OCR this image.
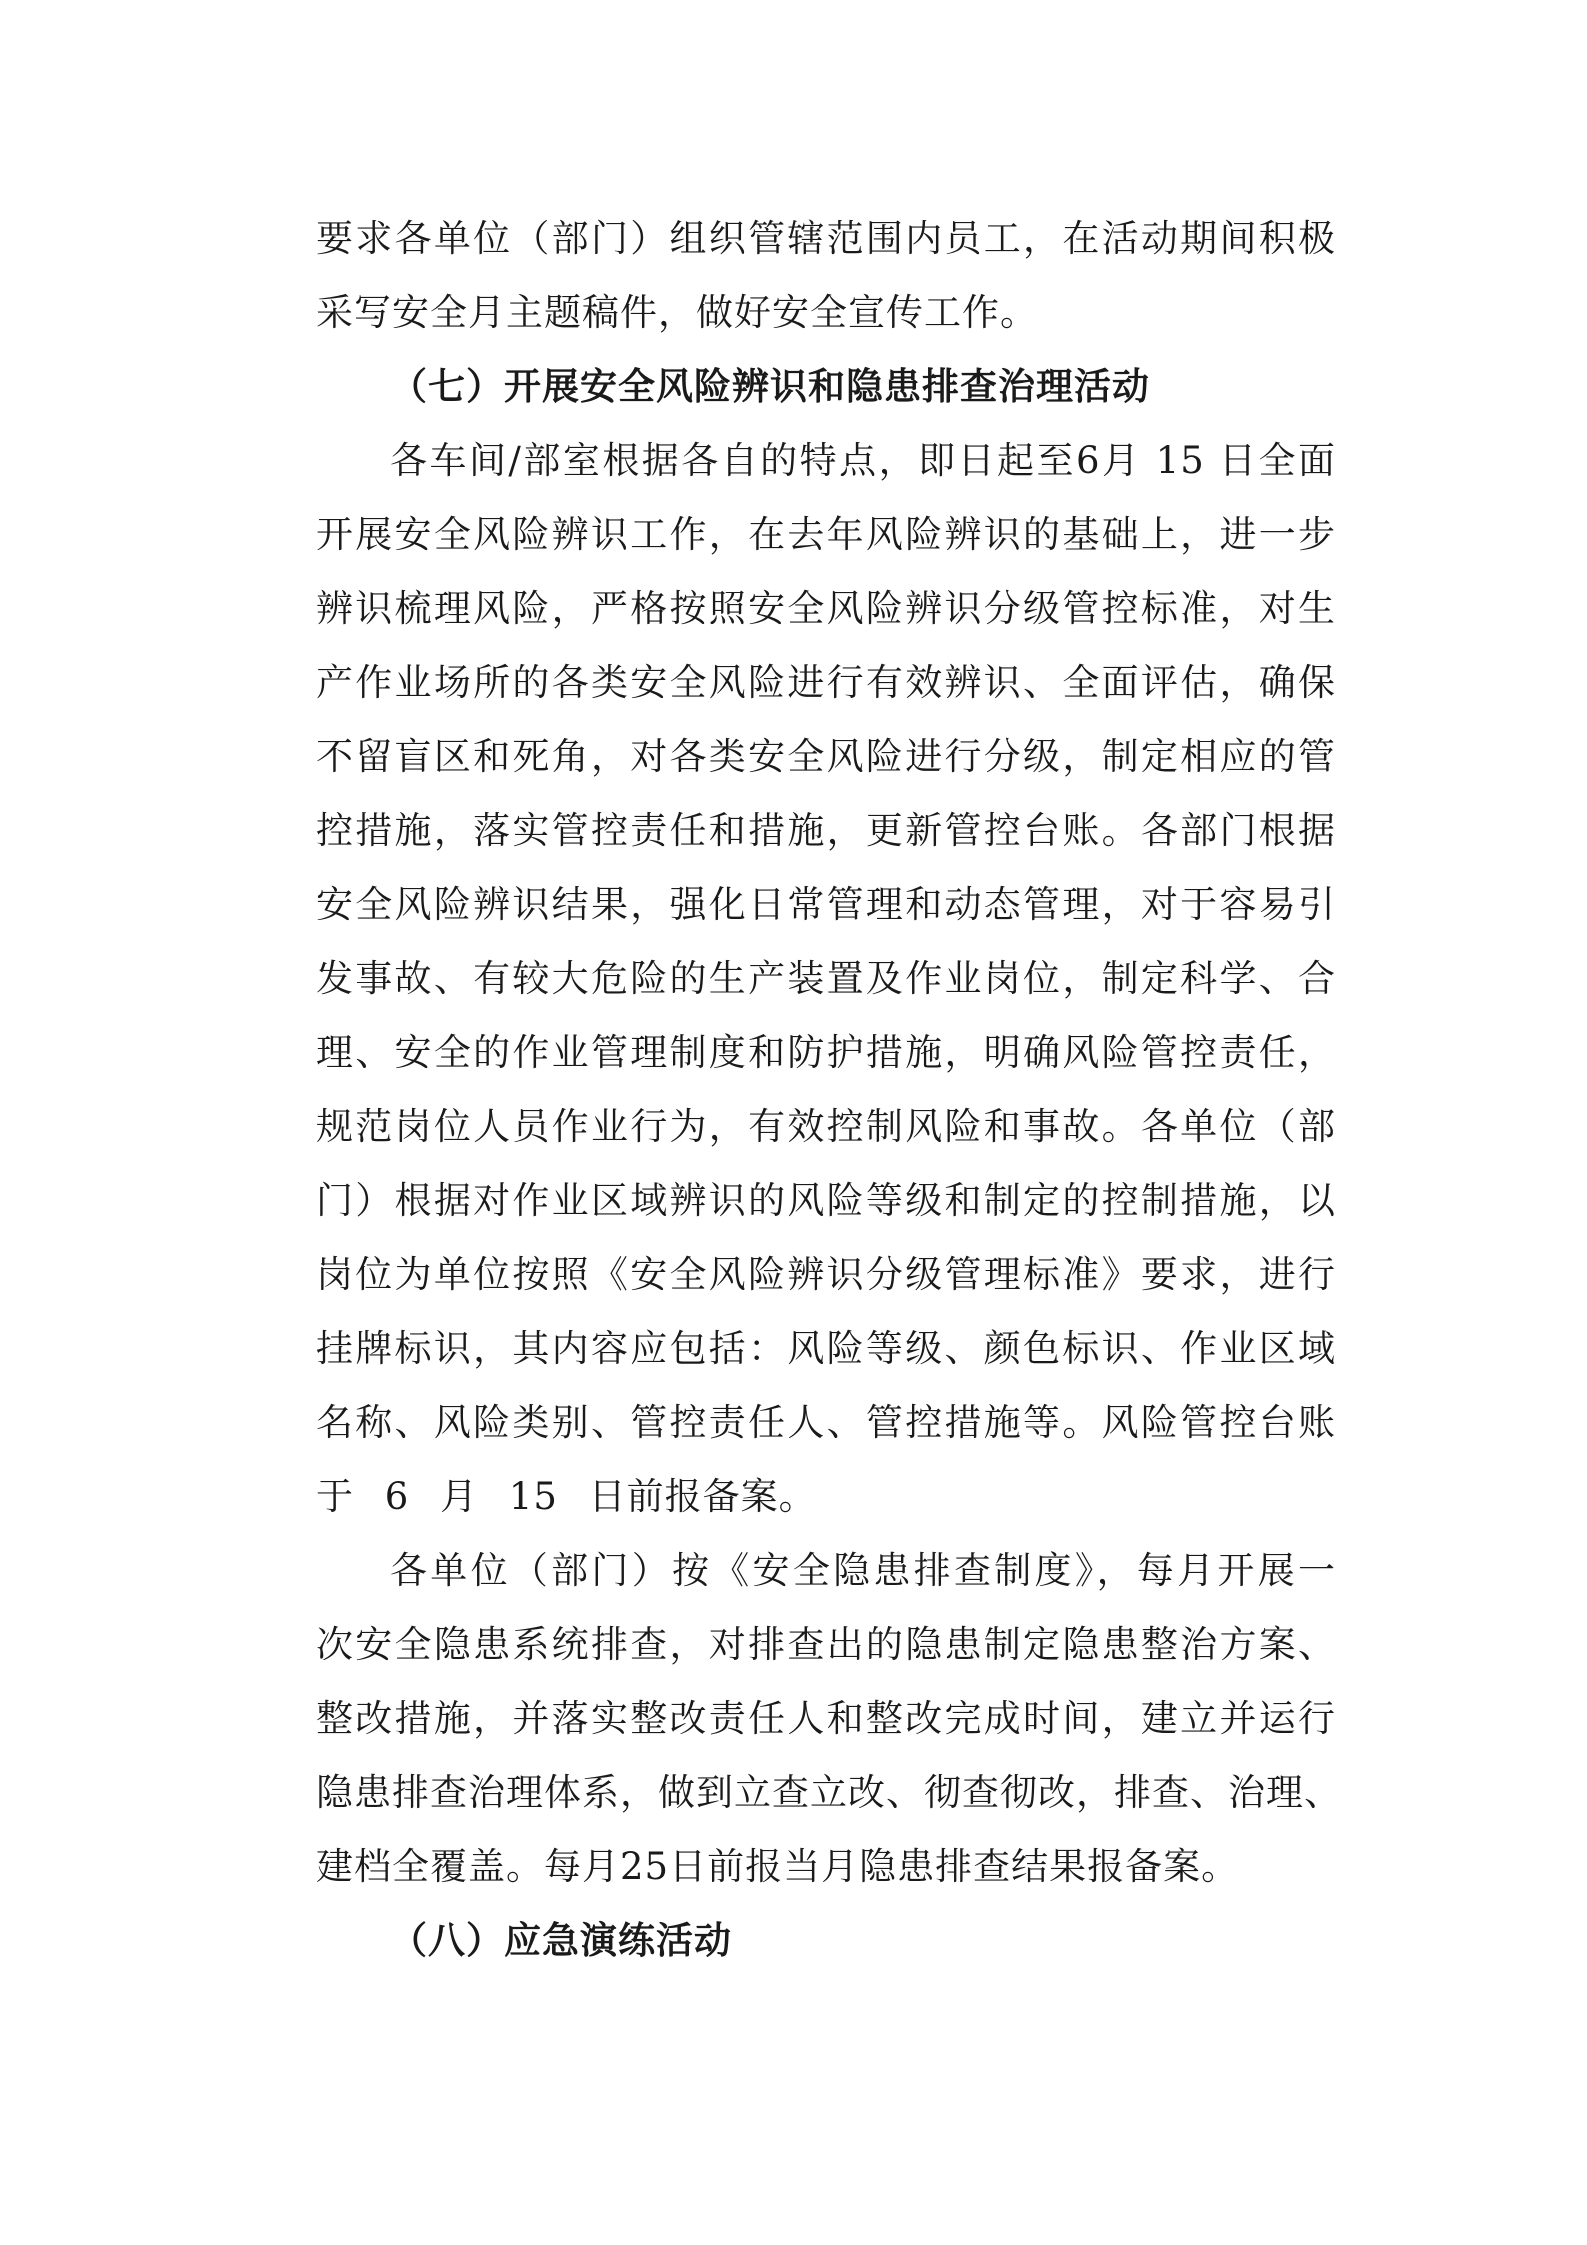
要求各单位（部门）组织管辖范围内员工，在活动期间积极
采写安全月主题稿件，做好安全宣传工作。
（七）开展安全风险辨识和隐患排查治理活动
各车间/部室根据各自的特点，即日起至6月 15 日全面
开展安全风险辨识工作，在去年风险辨识的基础上，进一步
辨识梳理风险，严格按照安全风险辨识分级管控标准，对生
产作业场所的各类安全风险进行有效辨识、全面评估，确保
不留盲区和死角，对各类安全风险进行分级，制定相应的管
控措施，落实管控责任和措施，更新管控台账。各部门根据
安全风险辨识结果，强化日常管理和动态管理，对于容易引
发事故、有较大危险的生产装置及作业岗位，制定科学、合
理、安全的作业管理制度和防护措施，明确风险管控责任，
规范岗位人员作业行为，有效控制风险和事故。各单位（部
门）根据对作业区域辨识的风险等级和制定的控制措施，以
岗位为单位按照《安全风险辨识分级管理标准》要求，进行
挂牌标识，其内容应包括：风险等级、颜色标识、作业区域
名称、风险类别、管控责任人、管控措施等。风险管控台账
于 6 月 15 日前报备案。
各单位（部门）按《安全隐患排查制度》，每月开展一
次安全隐患系统排查，对排查出的隐患制定隐患整治方案、
整改措施，并落实整改责任人和整改完成时间，建立并运行
隐患排查治理体系，做到立查立改、彻查彻改，排查、治理、
建档全覆盖。每月25日前报当月隐患排查结果报备案。
（八）应急演练活动
